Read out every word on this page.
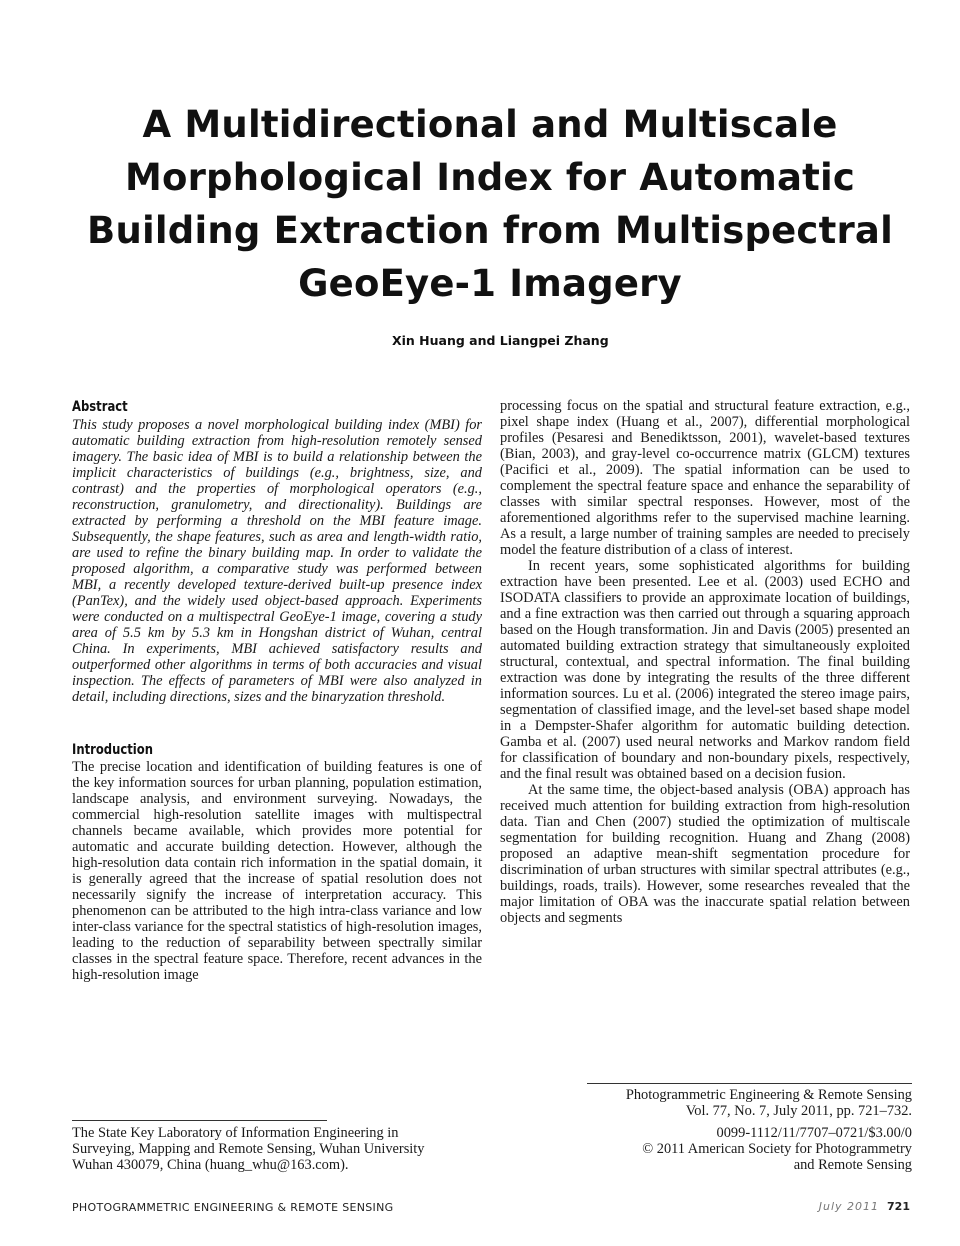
A Multidirectional and Multiscale
Morphological Index for Automatic
Building Extraction from Multispectral
GeoEye-1 Imagery
Xin Huang and Liangpei Zhang
Abstract

This study proposes a novel morphological building index (MBI) for automatic building extraction from high-resolution remotely sensed imagery. The basic idea of MBI is to build a relationship between the implicit characteristics of buildings (e.g., brightness, size, and contrast) and the properties of morphological operators (e.g., reconstruction, granulometry, and directionality). Buildings are extracted by performing a threshold on the MBI feature image. Subsequently, the shape features, such as area and length-width ratio, are used to refine the binary building map. In order to validate the proposed algorithm, a comparative study was performed between MBI, a recently developed texture-derived built-up presence index (PanTex), and the widely used object-based approach. Experiments were conducted on a multispectral GeoEye-1 image, covering a study area of 5.5 km by 5.3 km in Hongshan district of Wuhan, central China. In experiments, MBI achieved satisfactory results and outperformed other algorithms in terms of both accuracies and visual inspection. The effects of parameters of MBI were also analyzed in detail, including directions, sizes and the binaryzation threshold.

Introduction

The precise location and identification of building features is one of the key information sources for urban planning, population estimation, landscape analysis, and environment surveying. Nowadays, the commercial high-resolution satellite images with multispectral channels became available, which provides more potential for automatic and accurate building detection. However, although the high-resolution data contain rich information in the spatial domain, it is generally agreed that the increase of spatial resolution does not necessarily signify the increase of interpretation accuracy. This phenomenon can be attributed to the high intra-class variance and low inter-class variance for the spectral statistics of high-resolution images, leading to the reduction of separability between spectrally similar classes in the spectral feature space. Therefore, recent advances in the high-resolution image

processing focus on the spatial and structural feature extraction, e.g., pixel shape index (Huang et al., 2007), differential morphological profiles (Pesaresi and Benediktsson, 2001), wavelet-based textures (Bian, 2003), and gray-level co-occurrence matrix (GLCM) textures (Pacifici et al., 2009). The spatial information can be used to complement the spectral feature space and enhance the separability of classes with similar spectral responses. However, most of the aforementioned algorithms refer to the supervised machine learning. As a result, a large number of training samples are needed to precisely model the feature distribution of a class of interest.

In recent years, some sophisticated algorithms for building extraction have been presented. Lee et al. (2003) used ECHO and ISODATA classifiers to provide an approximate location of buildings, and a fine extraction was then carried out through a squaring approach based on the Hough transformation. Jin and Davis (2005) presented an automated building extraction strategy that simultaneously exploited structural, contextual, and spectral information. The final building extraction was done by integrating the results of the three different information sources. Lu et al. (2006) integrated the stereo image pairs, segmentation of classified image, and the level-set based shape model in a Dempster-Shafer algorithm for automatic building detection. Gamba et al. (2007) used neural networks and Markov random field for classification of boundary and non-boundary pixels, respectively, and the final result was obtained based on a decision fusion.

At the same time, the object-based analysis (OBA) approach has received much attention for building extraction from high-resolution data. Tian and Chen (2007) studied the optimization of multiscale segmentation for building recognition. Huang and Zhang (2008) proposed an adaptive mean-shift segmentation procedure for discrimination of urban structures with similar spectral attributes (e.g., buildings, roads, trails). However, some researches revealed that the major limitation of OBA was the inaccurate spatial relation between objects and segments

Photogrammetric Engineering & Remote Sensing
Vol. 77, No. 7, July 2011, pp. 721–732.
0099-1112/11/7707–0721/$3.00/0
© 2011 American Society for Photogrammetry
and Remote Sensing
The State Key Laboratory of Information Engineering in
Surveying, Mapping and Remote Sensing, Wuhan University
Wuhan 430079, China (huang_whu@163.com).
PHOTOGRAMMETRIC ENGINEERING & REMOTE SENSING	July 2011 721
